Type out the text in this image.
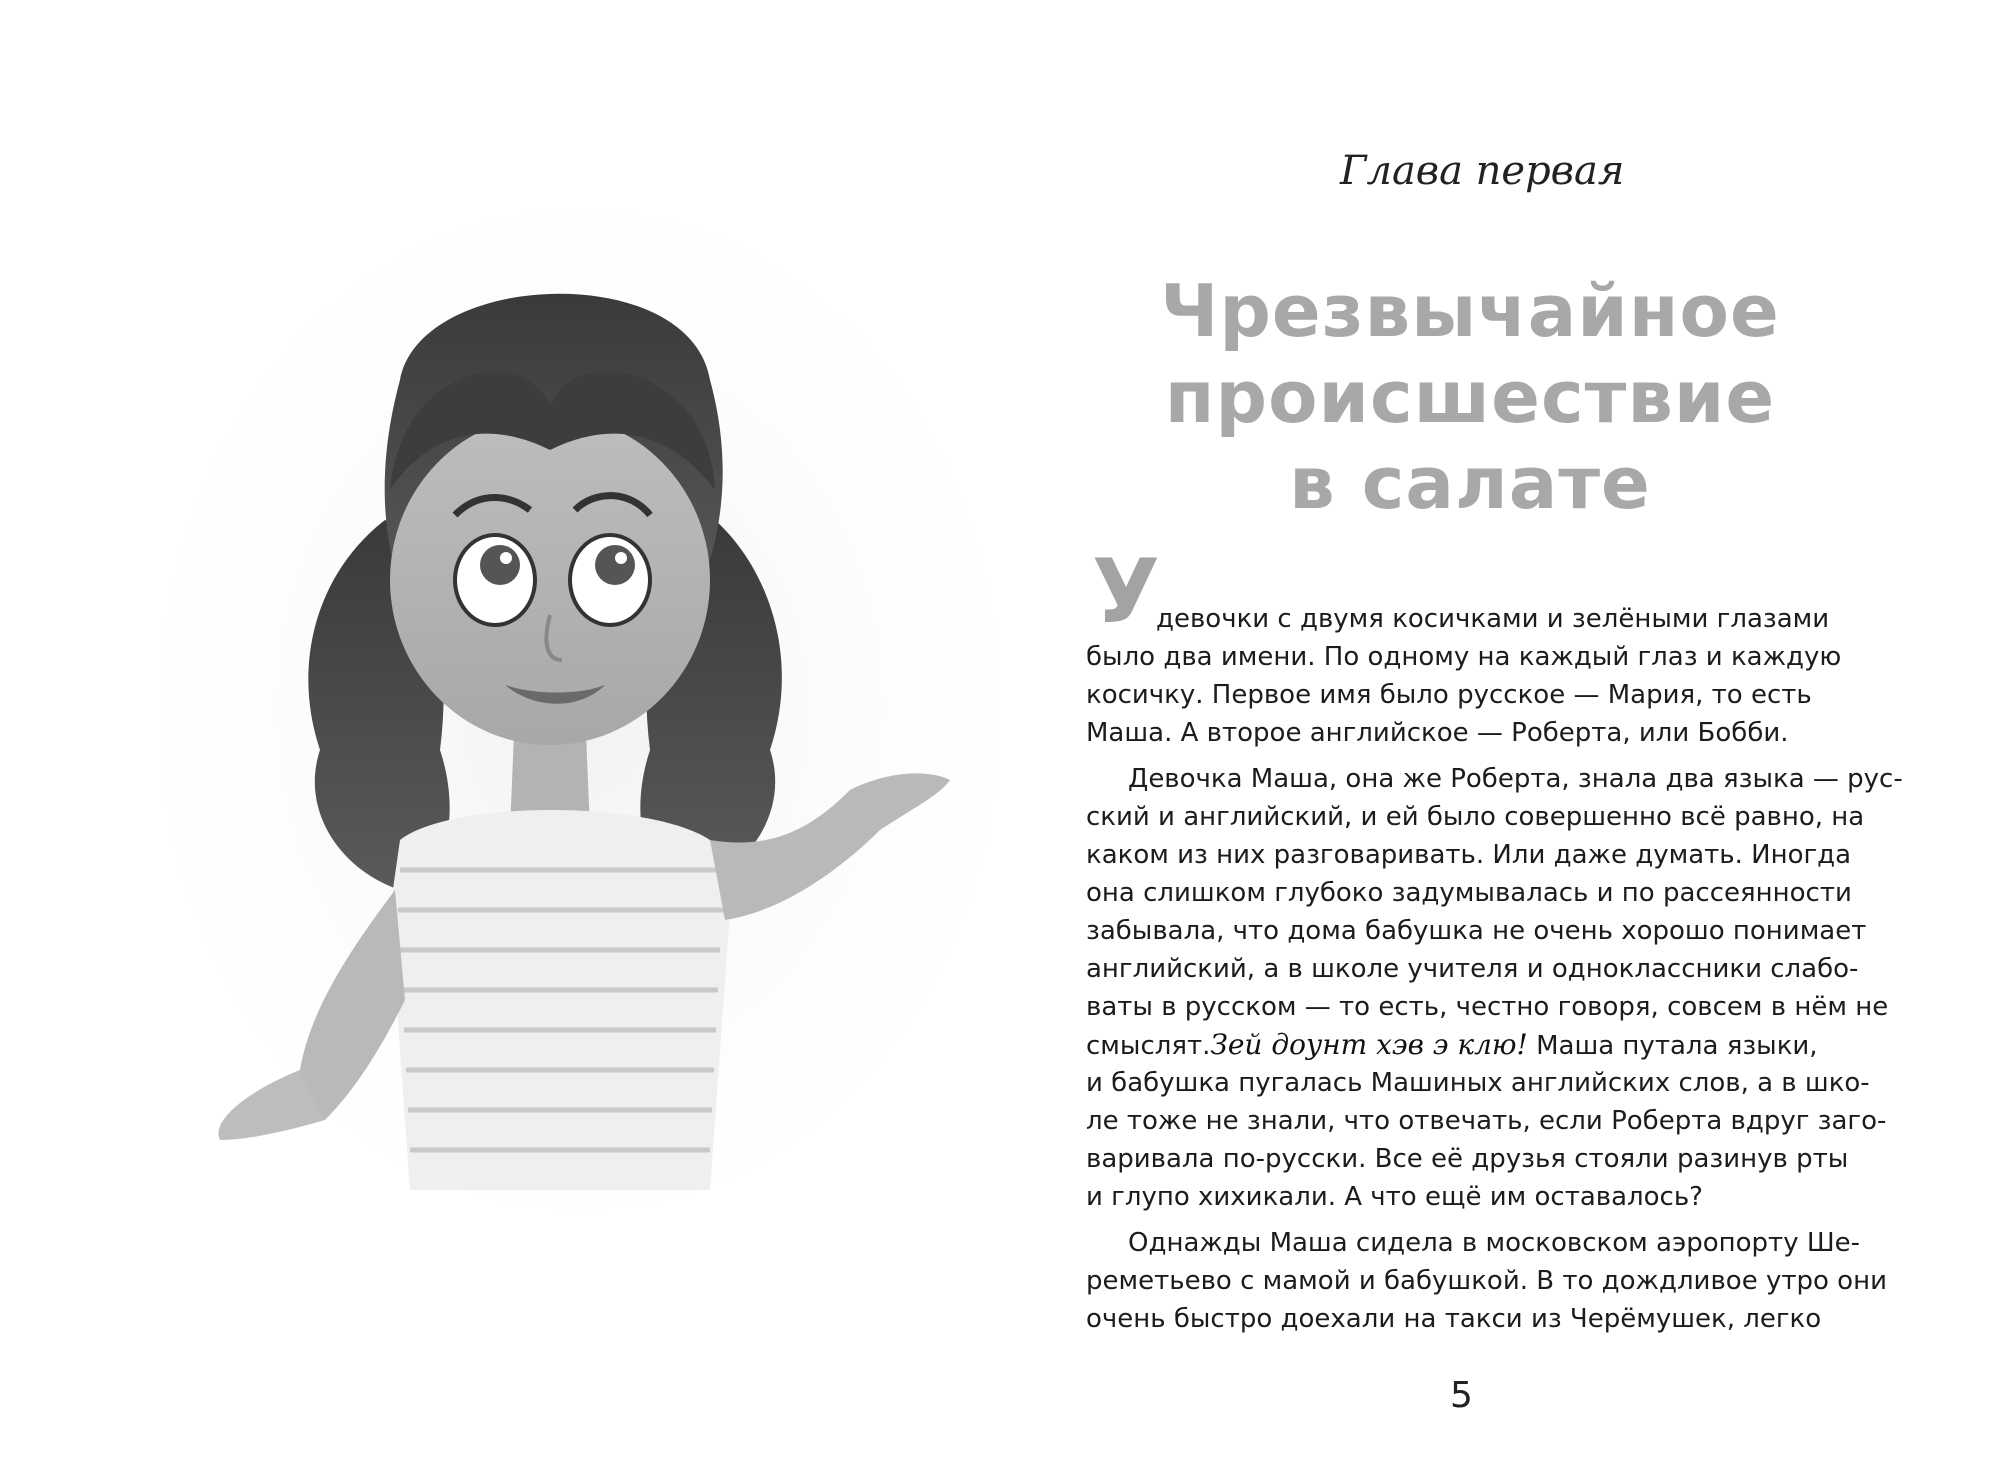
Глава первая
Чрезвычайное
происшествие
в салате
У
девочки с двумя косичками и зелёными глазами
было два имени. По одному на каждый глаз и каждую
косичку. Первое имя было русское — Мария, то есть
Маша. А второе английское — Роберта, или Бобби.
Девочка Маша, она же Роберта, знала два языка — рус-
ский и английский, и ей было совершенно всё равно, на
каком из них разговаривать. Или даже думать. Иногда
она слишком глубоко задумывалась и по рассеянности
забывала, что дома бабушка не очень хорошо понимает
английский, а в школе учителя и одноклассники слабо-
ваты в русском — то есть, честно говоря, совсем в нём не
смыслят.Зей доунт хэв э клю! Маша путала языки,
и бабушка пугалась Машиных английских слов, а в шко-
ле тоже не знали, что отвечать, если Роберта вдруг заго-
варивала по-русски. Все её друзья стояли разинув рты
и глупо хихикали. А что ещё им оставалось?
Однажды Маша сидела в московском аэропорту Ше-
реметьево с мамой и бабушкой. В то дождливое утро они
очень быстро доехали на такси из Черёмушек, легко
5
